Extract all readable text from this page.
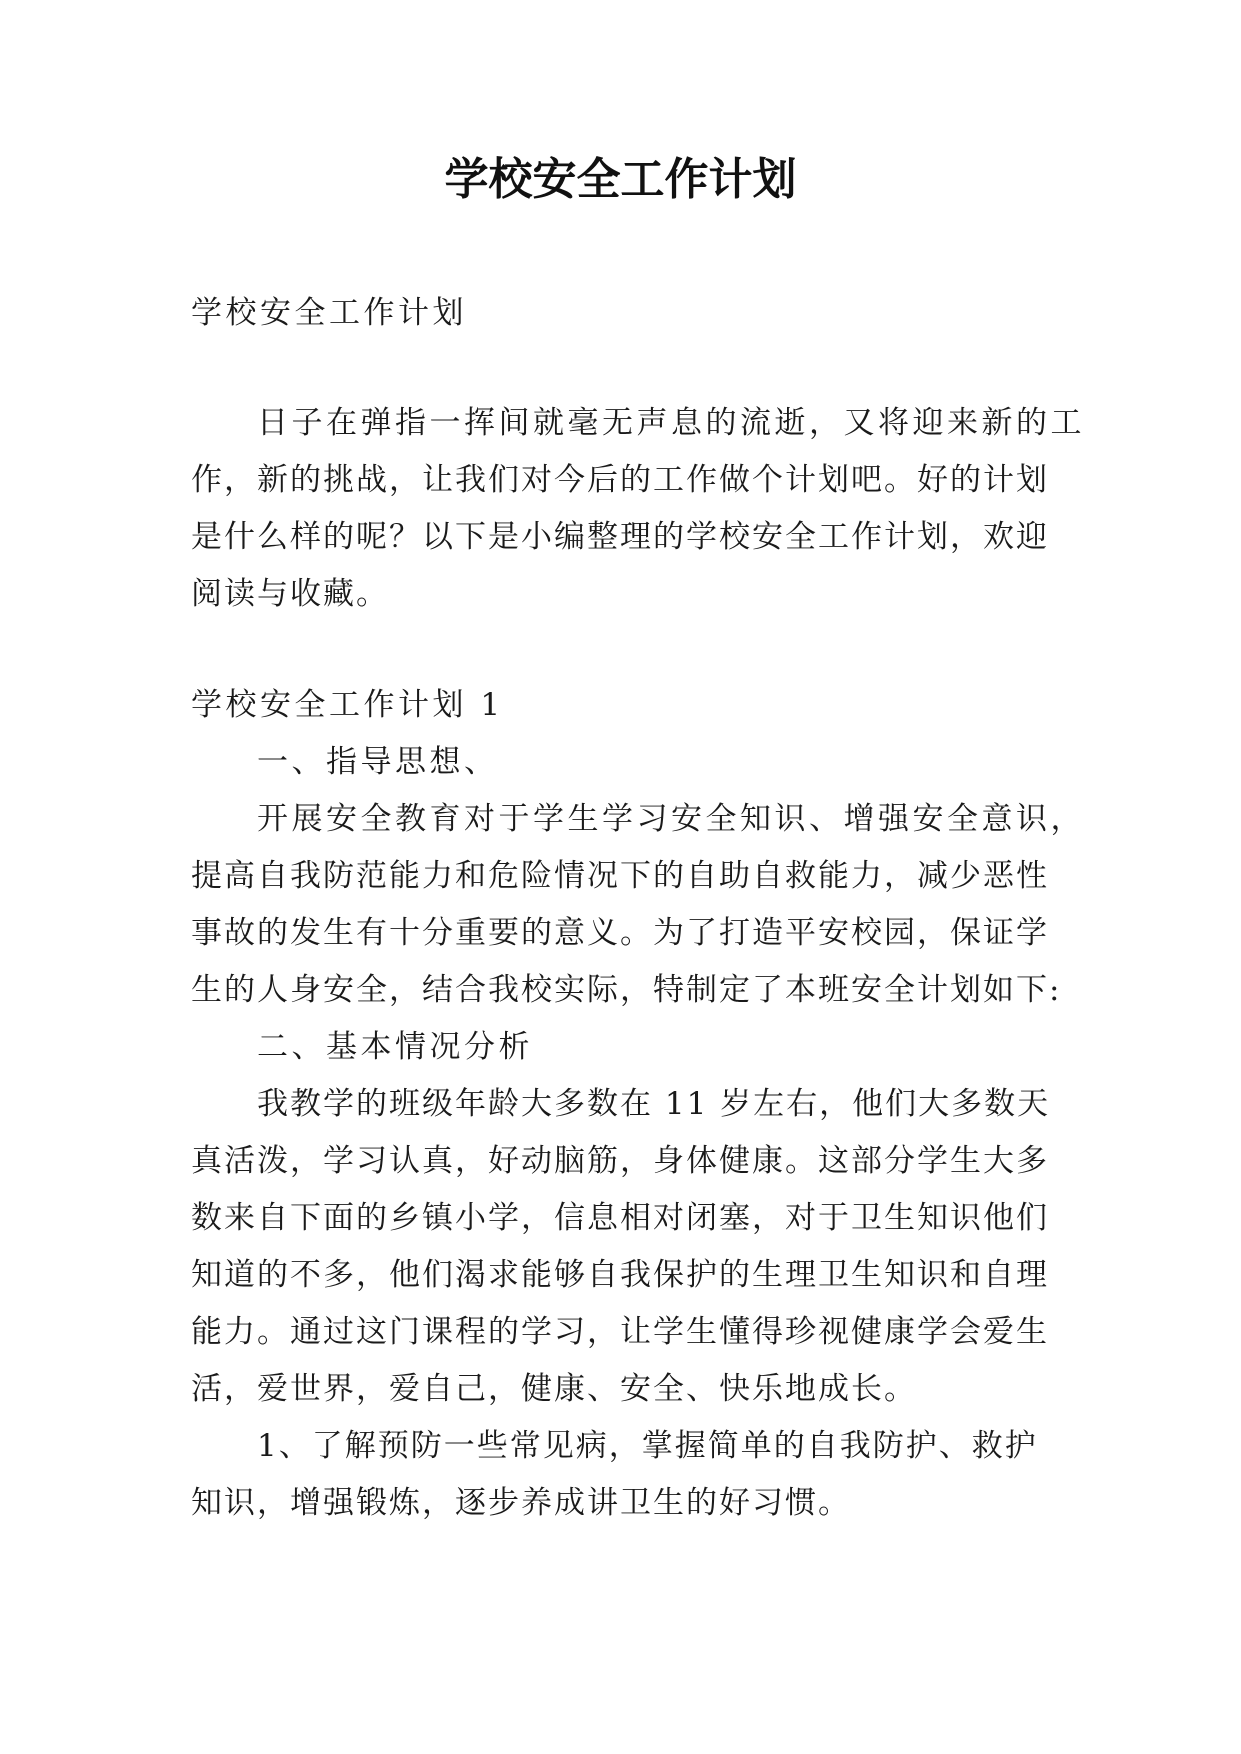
学校安全工作计划
学校安全工作计划
日子在弹指一挥间就毫无声息的流逝，又将迎来新的工
作，新的挑战，让我们对今后的工作做个计划吧。好的计划
是什么样的呢？以下是小编整理的学校安全工作计划，欢迎
阅读与收藏。
学校安全工作计划 1
一、指导思想、
开展安全教育对于学生学习安全知识、增强安全意识，
提高自我防范能力和危险情况下的自助自救能力，减少恶性
事故的发生有十分重要的意义。为了打造平安校园，保证学
生的人身安全，结合我校实际，特制定了本班安全计划如下:
二、基本情况分析
我教学的班级年龄大多数在 11 岁左右，他们大多数天
真活泼，学习认真，好动脑筋，身体健康。这部分学生大多
数来自下面的乡镇小学，信息相对闭塞，对于卫生知识他们
知道的不多，他们渴求能够自我保护的生理卫生知识和自理
能力。通过这门课程的学习，让学生懂得珍视健康学会爱生
活，爱世界，爱自己，健康、安全、快乐地成长。
1、了解预防一些常见病，掌握简单的自我防护、救护
知识，增强锻炼，逐步养成讲卫生的好习惯。
